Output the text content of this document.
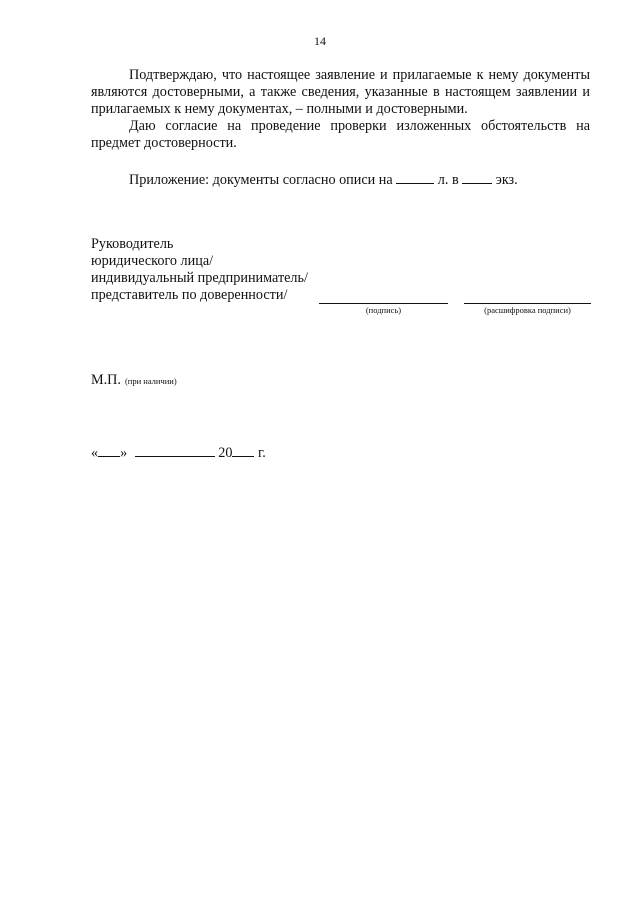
14

Подтверждаю, что настоящее заявление и прилагаемые к нему документы являются достоверными, а также сведения, указанные в настоящем заявлении и прилагаемых к нему документах, – полными и достоверными.

Даю согласие на проведение проверки изложенных обстоятельств на предмет достоверности.

Приложение: документы согласно описи на	л. в	экз.

Руководитель
юридического лица/
индивидуальный предприниматель/
представитель по доверенности/
(подпись)	(расшифровка подписи)
М.П. (при наличии)
« »	20 г.
